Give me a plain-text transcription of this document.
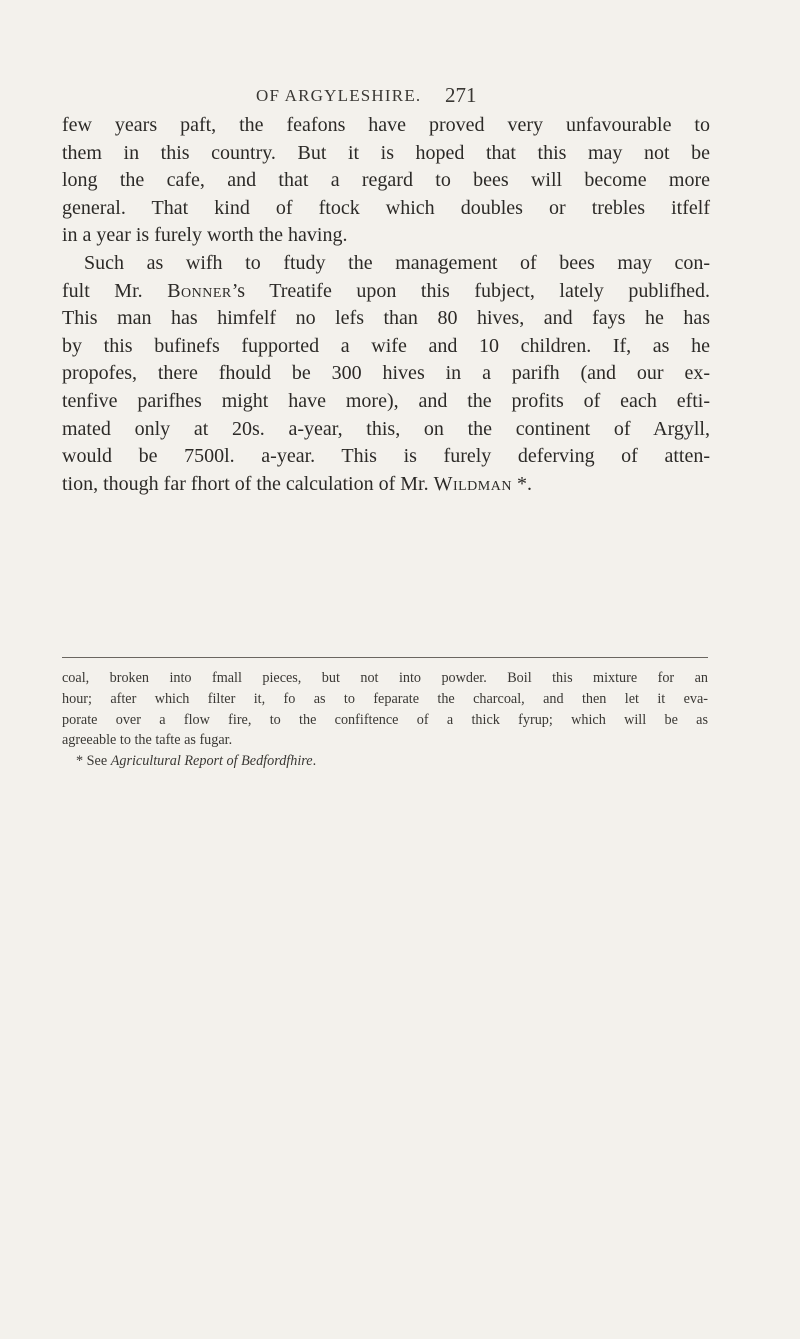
OF ARGYLESHIRE. 271
few years paft, the feafons have proved very unfavourable to
them in this country. But it is hoped that this may not be
long the cafe, and that a regard to bees will become more
general. That kind of ftock which doubles or trebles itfelf
in a year is furely worth the having.
Such as wifh to ftudy the management of bees may con-
fult Mr. Bonner’s Treatife upon this fubject, lately publifhed.
This man has himfelf no lefs than 80 hives, and fays he has
by this bufinefs fupported a wife and 10 children. If, as he
propofes, there fhould be 300 hives in a parifh (and our ex-
tenfive parifhes might have more), and the profits of each efti-
mated only at 20s. a-year, this, on the continent of Argyll,
would be 7500l. a-year. This is furely deferving of atten-
tion, though far fhort of the calculation of Mr. Wildman *.
coal, broken into fmall pieces, but not into powder. Boil this mixture for an
hour; after which filter it, fo as to feparate the charcoal, and then let it eva-
porate over a flow fire, to the confiftence of a thick fyrup; which will be as
agreeable to the tafte as fugar.
* See Agricultural Report of Bedfordfhire.
